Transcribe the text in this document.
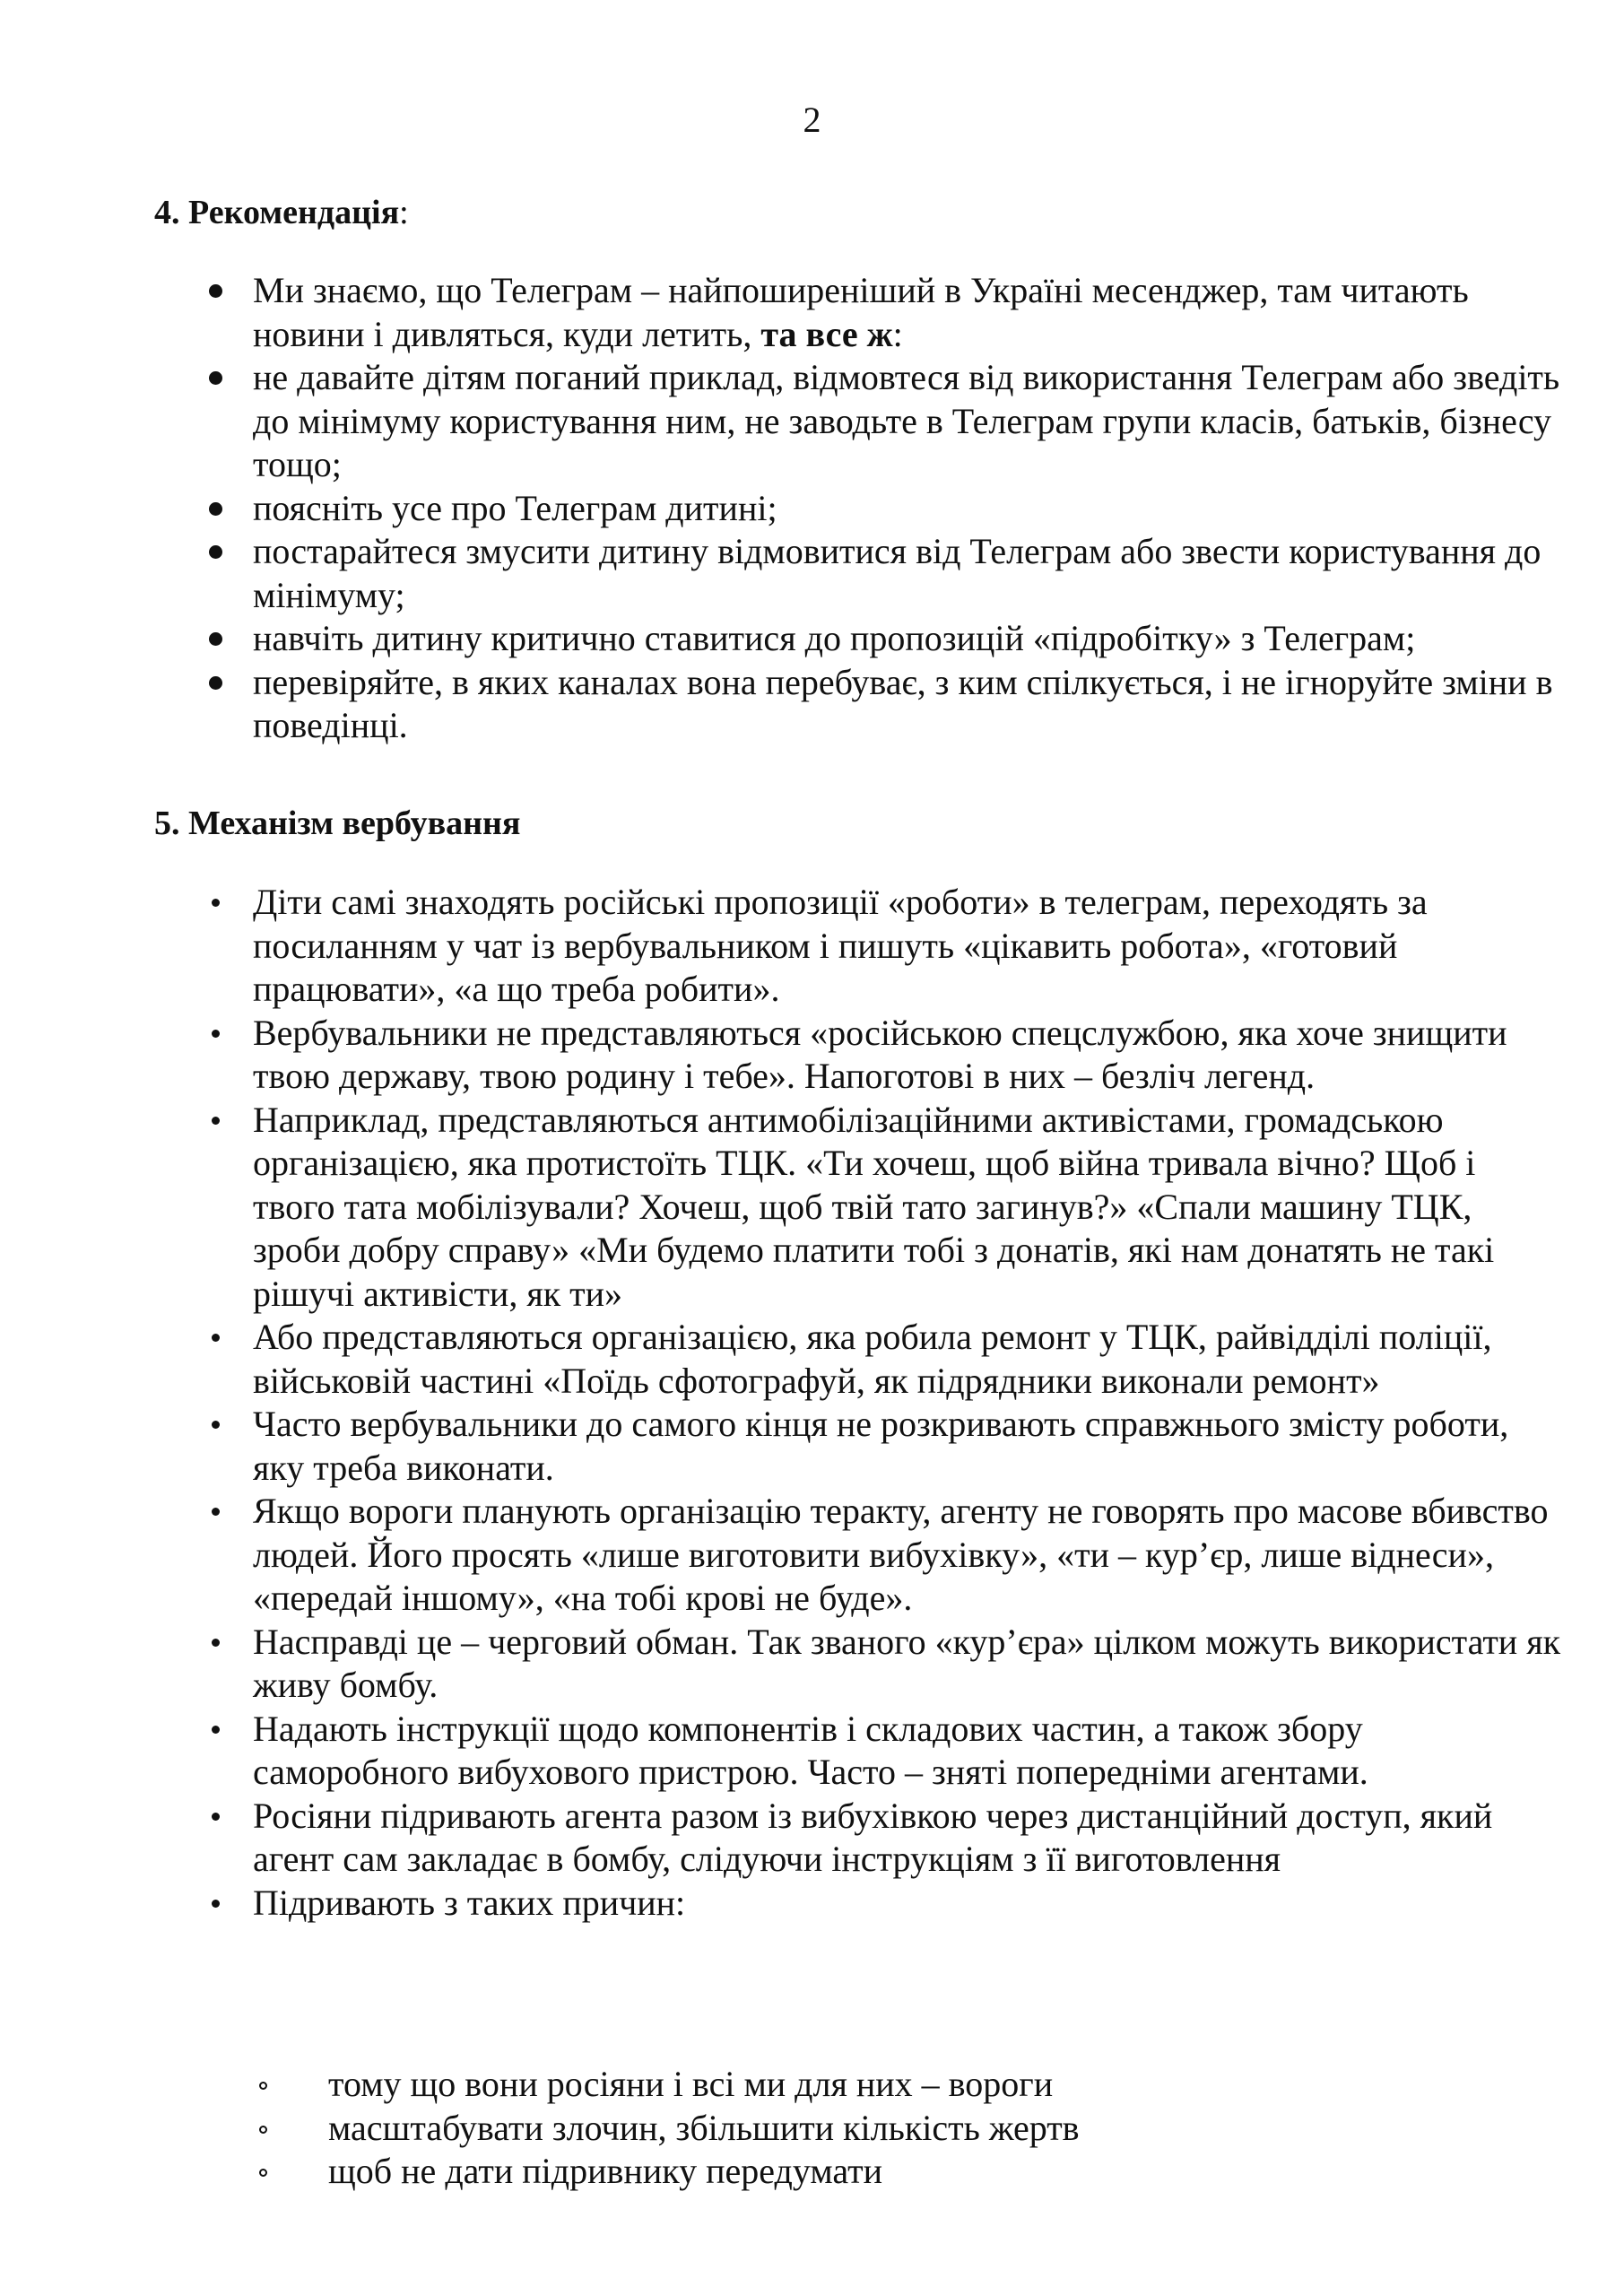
2
4. Рекомендація:
Ми знаємо, що Телеграм – найпоширеніший в Україні месенджер, там читають новини і дивляться, куди летить, та все ж:
не давайте дітям поганий приклад, відмовтеся від використання Телеграм або зведіть до мінімуму користування ним, не заводьте в Телеграм групи класів, батьків, бізнесу тощо;
поясніть усе про Телеграм дитині;
постарайтеся змусити дитину відмовитися від Телеграм або звести користування до мінімуму;
навчіть дитину критично ставитися до пропозицій «підробітку» з Телеграм;
перевіряйте, в яких каналах вона перебуває, з ким спілкується, і не ігноруйте зміни в поведінці.
5. Механізм вербування
Діти самі знаходять російські пропозиції «роботи» в телеграм, переходять за посиланням у чат із вербувальником і пишуть «цікавить робота», «готовий працювати», «а що треба робити».
Вербувальники не представляються «російською спецслужбою, яка хоче знищити твою державу, твою родину і тебе». Напоготові в них – безліч легенд.
Наприклад, представляються антимобілізаційними активістами, громадською організацією, яка протистоїть ТЦК. «Ти хочеш, щоб війна тривала вічно? Щоб і твого тата мобілізували? Хочеш, щоб твій тато загинув?» «Спали машину ТЦК, зроби добру справу» «Ми будемо платити тобі з донатів, які нам донатять не такі рішучі активісти, як ти»
Або представляються організацією, яка робила ремонт у ТЦК, райвідділі поліції, військовій частині «Поїдь сфотографуй, як підрядники виконали ремонт»
Часто вербувальники до самого кінця не розкривають справжнього змісту роботи, яку треба виконати.
Якщо вороги планують організацію теракту, агенту не говорять про масове вбивство людей. Його просять «лише виготовити вибухівку», «ти – кур’єр, лише віднеси», «передай іншому», «на тобі крові не буде».
Насправді це – черговий обман. Так званого «кур’єра» цілком можуть використати як живу бомбу.
Надають інструкції щодо компонентів і складових частин, а також збору саморобного вибухового пристрою. Часто – зняті попередніми агентами.
Росіяни підривають агента разом із вибухівкою через дистанційний доступ, який агент сам закладає в бомбу, слідуючи інструкціям з її виготовлення
Підривають з таких причин:
тому що вони росіяни і всі ми для них – вороги
масштабувати злочин, збільшити кількість жертв
щоб не дати підривнику передумати
